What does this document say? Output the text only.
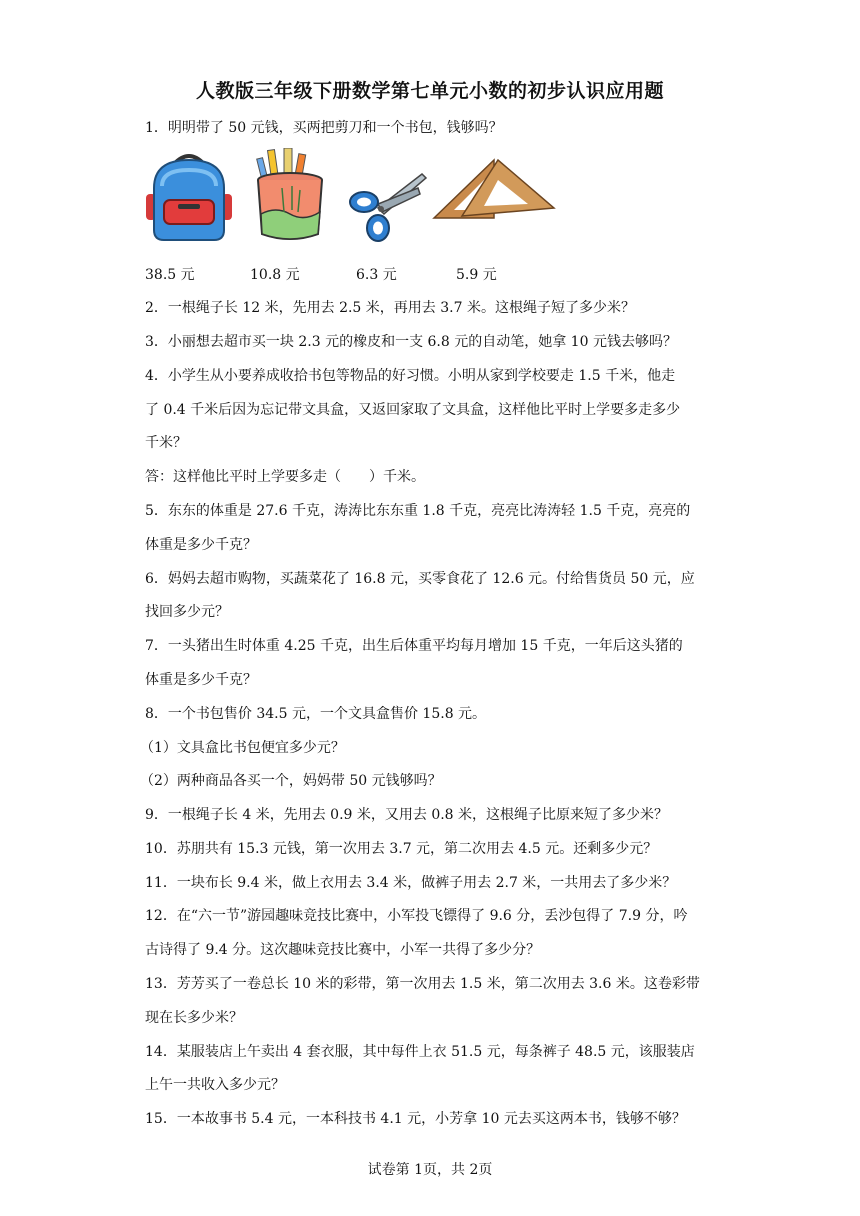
人教版三年级下册数学第七单元小数的初步认识应用题
1．明明带了 50 元钱，买两把剪刀和一个书包，钱够吗？
38.5 元	10.8 元	6.3 元	5.9 元
2．一根绳子长 12 米，先用去 2.5 米，再用去 3.7 米。这根绳子短了多少米？
3．小丽想去超市买一块 2.3 元的橡皮和一支 6.8 元的自动笔，她拿 10 元钱去够吗？
4．小学生从小要养成收拾书包等物品的好习惯。小明从家到学校要走 1.5 千米，他走
了 0.4 千米后因为忘记带文具盒，又返回家取了文具盒，这样他比平时上学要多走多少
千米？
答：这样他比平时上学要多走（　　）千米。
5．东东的体重是 27.6 千克，涛涛比东东重 1.8 千克，亮亮比涛涛轻 1.5 千克，亮亮的
体重是多少千克？
6．妈妈去超市购物，买蔬菜花了 16.8 元，买零食花了 12.6 元。付给售货员 50 元，应
找回多少元？
7．一头猪出生时体重 4.25 千克，出生后体重平均每月增加 15 千克，一年后这头猪的
体重是多少千克？
8．一个书包售价 34.5 元，一个文具盒售价 15.8 元。
（1）文具盒比书包便宜多少元？
（2）两种商品各买一个，妈妈带 50 元钱够吗？
9．一根绳子长 4 米，先用去 0.9 米，又用去 0.8 米，这根绳子比原来短了多少米？
10．苏朋共有 15.3 元钱，第一次用去 3.7 元，第二次用去 4.5 元。还剩多少元？
11．一块布长 9.4 米，做上衣用去 3.4 米，做裤子用去 2.7 米，一共用去了多少米？
12．在“六一节”游园趣味竞技比赛中，小军投飞镖得了 9.6 分，丢沙包得了 7.9 分，吟
古诗得了 9.4 分。这次趣味竞技比赛中，小军一共得了多少分？
13．芳芳买了一卷总长 10 米的彩带，第一次用去 1.5 米，第二次用去 3.6 米。这卷彩带
现在长多少米？
14．某服装店上午卖出 4 套衣服，其中每件上衣 51.5 元，每条裤子 48.5 元，该服装店
上午一共收入多少元？
15．一本故事书 5.4 元，一本科技书 4.1 元，小芳拿 10 元去买这两本书，钱够不够？
试卷第 1页，共 2页
